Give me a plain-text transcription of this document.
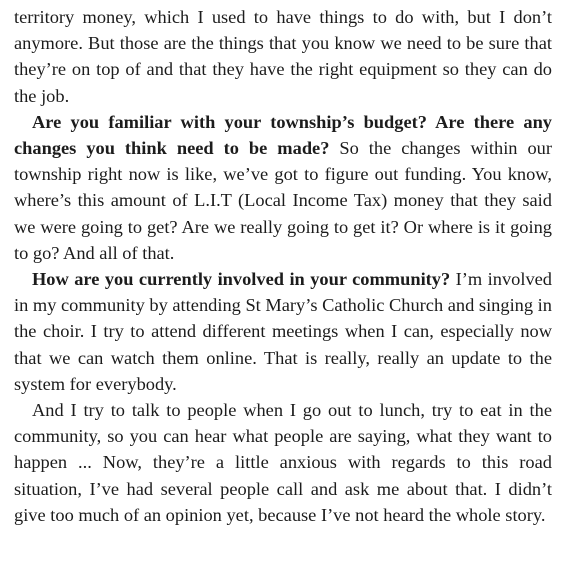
territory money, which I used to have things to do with, but I don’t anymore. But those are the things that you know we need to be sure that they’re on top of and that they have the right equipment so they can do the job.

Are you familiar with your township’s budget? Are there any changes you think need to be made? So the changes within our township right now is like, we’ve got to figure out funding. You know, where’s this amount of L.I.T (Local Income Tax) money that they said we were going to get? Are we really going to get it? Or where is it going to go? And all of that.

How are you currently involved in your community? I’m involved in my community by attending St Mary’s Catholic Church and singing in the choir. I try to attend different meetings when I can, especially now that we can watch them online. That is really, really an update to the system for everybody.

And I try to talk to people when I go out to lunch, try to eat in the community, so you can hear what people are saying, what they want to happen ... Now, they’re a little anxious with regards to this road situation, I’ve had several people call and ask me about that. I didn’t give too much of an opinion yet, because I’ve not heard the whole story.
